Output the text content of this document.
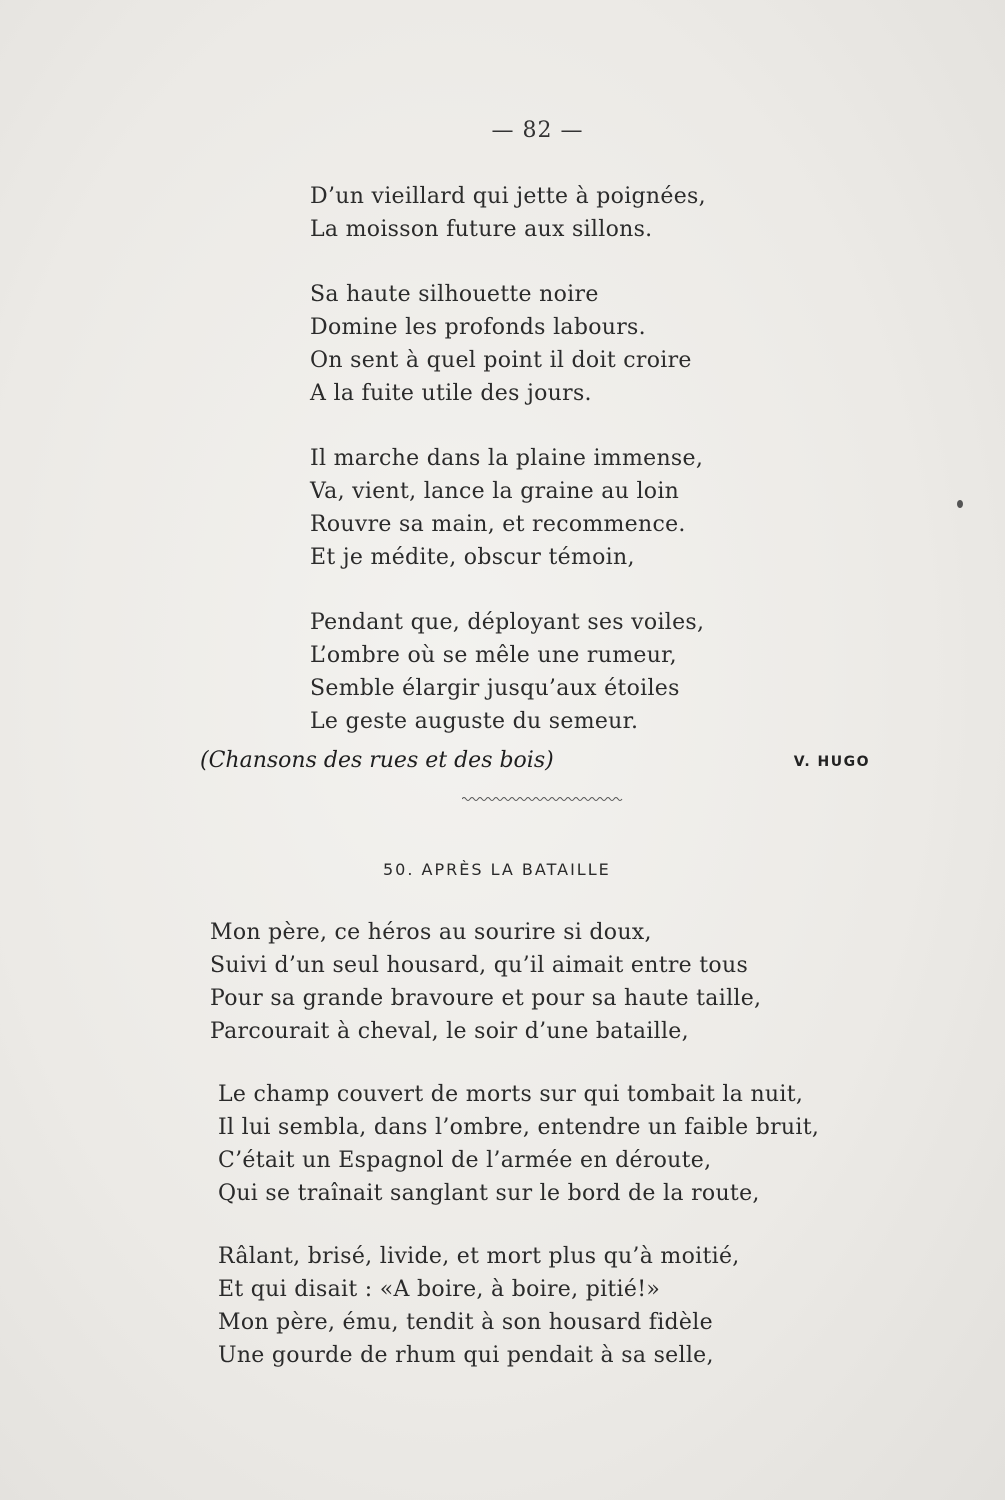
— 82 —
D’un vieillard qui jette à poignées,
La moisson future aux sillons.
Sa haute silhouette noire
Domine les profonds labours.
On sent à quel point il doit croire
A la fuite utile des jours.
Il marche dans la plaine immense,
Va, vient, lance la graine au loin
Rouvre sa main, et recommence.
Et je médite, obscur témoin,
Pendant que, déployant ses voiles,
L’ombre où se mêle une rumeur,
Semble élargir jusqu’aux étoiles
Le geste auguste du semeur.
(Chansons des rues et des bois)	V. HUGO
50. APRÈS LA BATAILLE
Mon père, ce héros au sourire si doux,
Suivi d’un seul housard, qu’il aimait entre tous
Pour sa grande bravoure et pour sa haute taille,
Parcourait à cheval, le soir d’une bataille,
Le champ couvert de morts sur qui tombait la nuit,
Il lui sembla, dans l’ombre, entendre un faible bruit,
C’était un Espagnol de l’armée en déroute,
Qui se traînait sanglant sur le bord de la route,
Râlant, brisé, livide, et mort plus qu’à moitié,
Et qui disait : «A boire, à boire, pitié!»
Mon père, ému, tendit à son housard fidèle
Une gourde de rhum qui pendait à sa selle,
